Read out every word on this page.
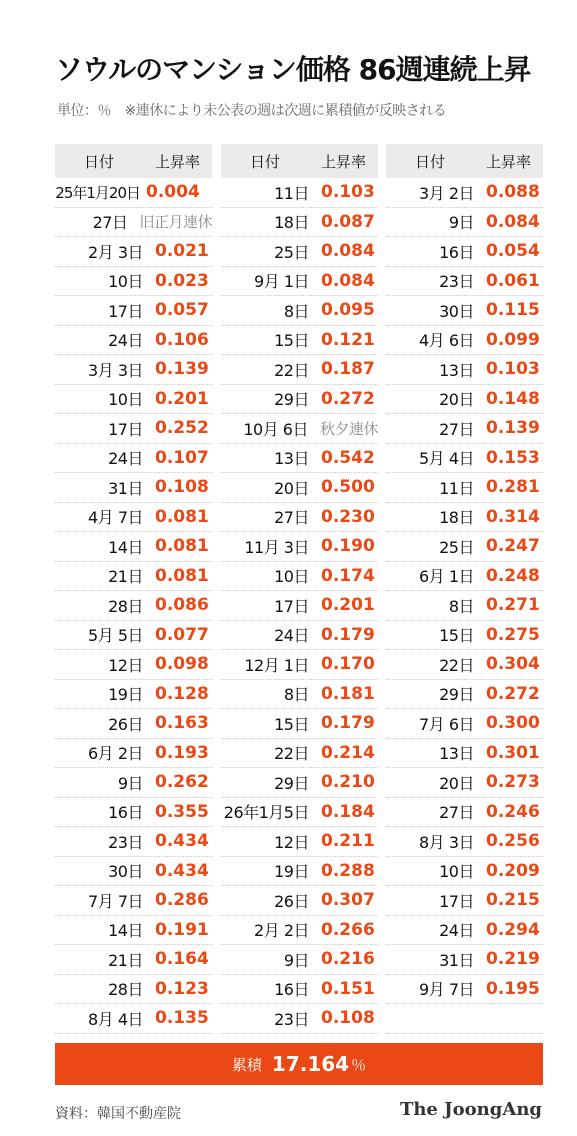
ソウルのマンション価格 86週連続上昇
単位：％　※連休により未公表の週は次週に累積値が反映される
日付	上昇率
25年1月20日 0.004
27日 旧正月連休
2月 3日 0.021
10日 0.023
17日 0.057
24日 0.106
3月 3日 0.139
10日 0.201
17日 0.252
24日 0.107
31日 0.108
4月 7日 0.081
14日 0.081
21日 0.081
28日 0.086
5月 5日 0.077
12日 0.098
19日 0.128
26日 0.163
6月 2日 0.193
9日 0.262
16日 0.355
23日 0.434
30日 0.434
7月 7日 0.286
14日 0.191
21日 0.164
28日 0.123
8月 4日 0.135
日付	上昇率
11日 0.103
18日 0.087
25日 0.084
9月 1日 0.084
8日 0.095
15日 0.121
22日 0.187
29日 0.272
10月 6日 秋夕連休
13日 0.542
20日 0.500
27日 0.230
11月 3日 0.190
10日 0.174
17日 0.201
24日 0.179
12月 1日 0.170
8日 0.181
15日 0.179
22日 0.214
29日 0.210
26年1月5日 0.184
12日 0.211
19日 0.288
26日 0.307
2月 2日 0.266
9日 0.216
16日 0.151
23日 0.108
日付	上昇率
3月 2日 0.088
9日 0.084
16日 0.054
23日 0.061
30日 0.115
4月 6日 0.099
13日 0.103
20日 0.148
27日 0.139
5月 4日 0.153
11日 0.281
18日 0.314
25日 0.247
6月 1日 0.248
8日 0.271
15日 0.275
22日 0.304
29日 0.272
7月 6日 0.300
13日 0.301
20日 0.273
27日 0.246
8月 3日 0.256
10日 0.209
17日 0.215
24日 0.294
31日 0.219
9月 7日 0.195
累積 17.164 ％
資料：韓国不動産院	The JoongAng
